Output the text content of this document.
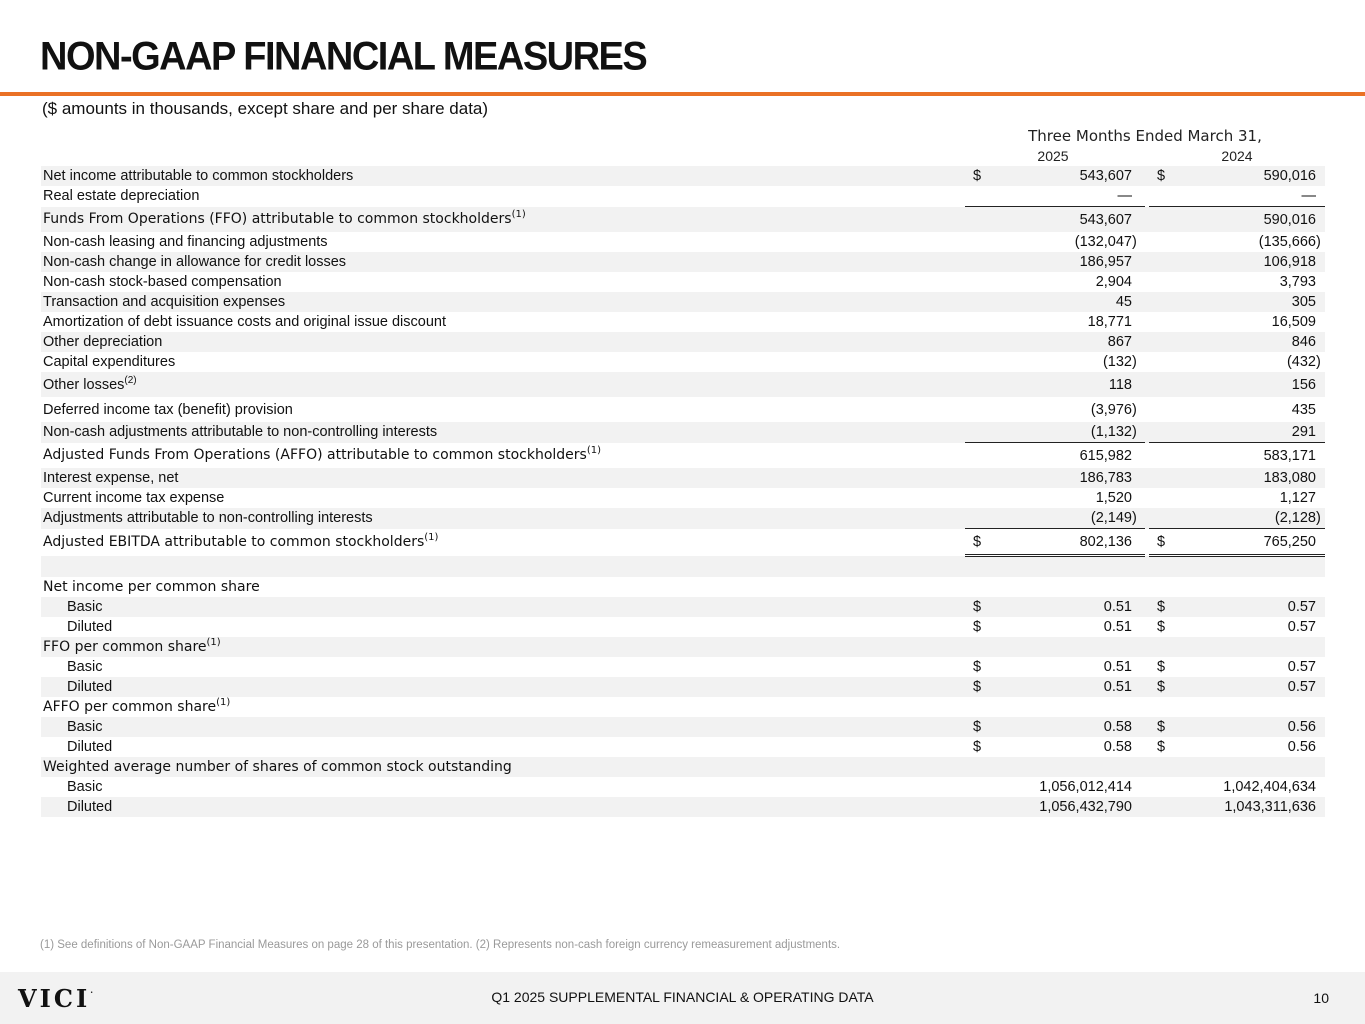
NON-GAAP FINANCIAL MEASURES
($ amounts in thousands, except share and per share data)
Three Months Ended March 31,
2025	2024
Net income attributable to common stockholders	$	543,607			$	590,016	
Real estate depreciation		—				—	
Funds From Operations (FFO) attributable to common stockholders$^{(1)}$		543,607				590,016	
Non-cash leasing and financing adjustments		(132,047	)			(135,666	)
Non-cash change in allowance for credit losses		186,957				106,918	
Non-cash stock-based compensation		2,904				3,793	
Transaction and acquisition expenses		45				305	
Amortization of debt issuance costs and original issue discount		18,771				16,509	
Other depreciation		867				846	
Capital expenditures		(132	)			(432	)
Other losses$^{(2)}$		118				156	
Deferred income tax (benefit) provision		(3,976	)			435	
Non-cash adjustments attributable to non-controlling interests		(1,132	)			291	
Adjusted Funds From Operations (AFFO) attributable to common stockholders$^{(1)}$		615,982				583,171	
Interest expense, net		186,783				183,080	
Current income tax expense		1,520				1,127	
Adjustments attributable to non-controlling interests		(2,149	)			(2,128	)
Adjusted EBITDA attributable to common stockholders$^{(1)}$	$	802,136			$	765,250	

Net income per common share							
Basic	$	0.51			$	0.57	
Diluted	$	0.51			$	0.57	
FFO per common share$^{(1)}$							
Basic	$	0.51			$	0.57	
Diluted	$	0.51			$	0.57	
AFFO per common share$^{(1)}$							
Basic	$	0.58			$	0.56	
Diluted	$	0.58			$	0.56	
Weighted average number of shares of common stock outstanding							
Basic		1,056,012,414				1,042,404,634	
Diluted		1,056,432,790				1,043,311,636	
(1) See definitions of Non-GAAP Financial Measures on page 28 of this presentation. (2) Represents non-cash foreign currency remeasurement adjustments.
VICI·	Q1 2025 SUPPLEMENTAL FINANCIAL & OPERATING DATA	10
